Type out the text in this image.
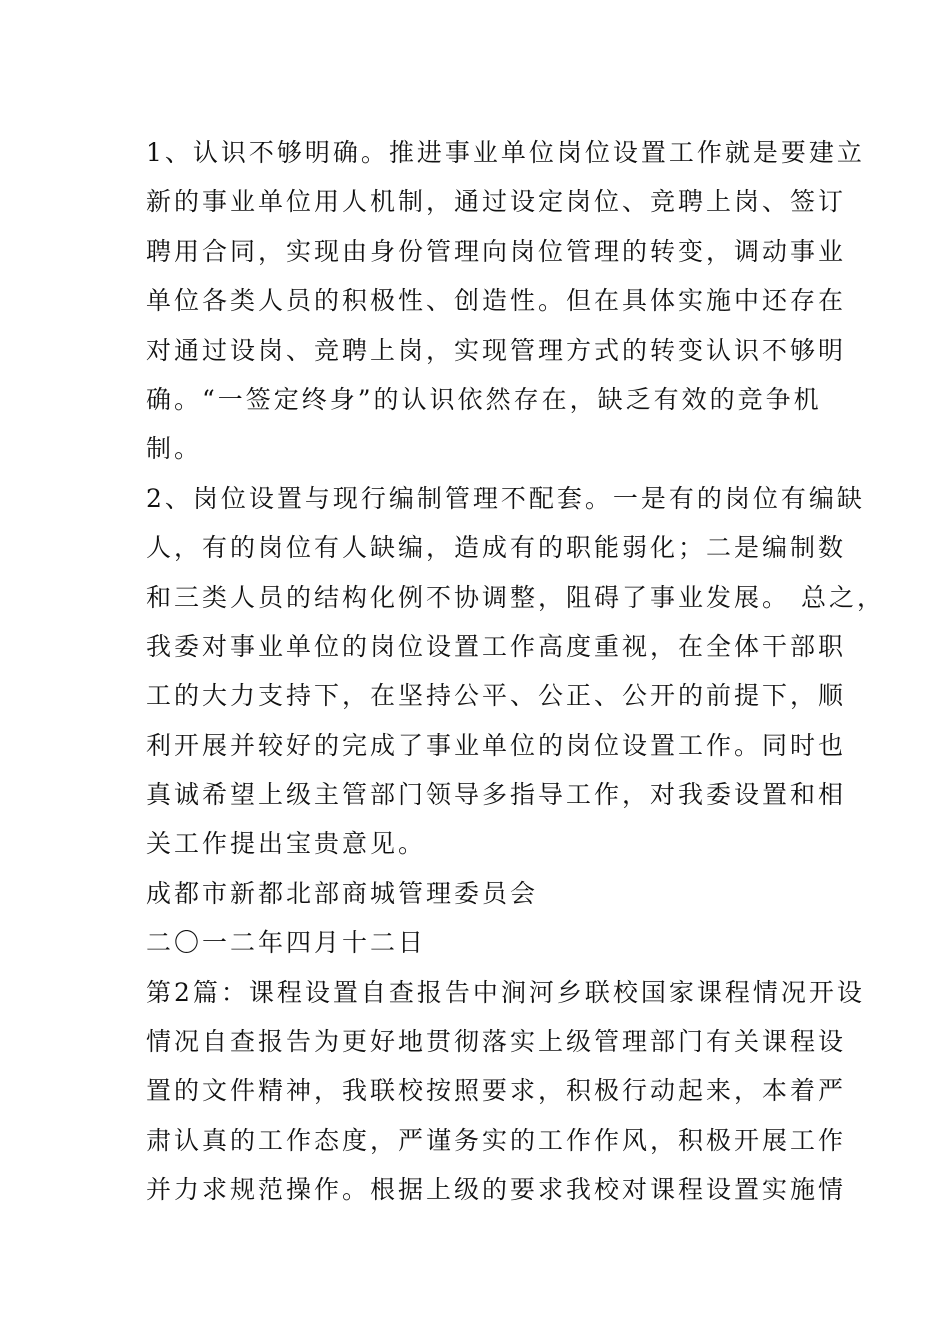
1、认识不够明确。推进事业单位岗位设置工作就是要建立
新的事业单位用人机制，通过设定岗位、竞聘上岗、签订
聘用合同，实现由身份管理向岗位管理的转变，调动事业
单位各类人员的积极性、创造性。但在具体实施中还存在
对通过设岗、竞聘上岗，实现管理方式的转变认识不够明
确。“一签定终身”的认识依然存在，缺乏有效的竞争机
制。
2、岗位设置与现行编制管理不配套。一是有的岗位有编缺
人，有的岗位有人缺编，造成有的职能弱化；二是编制数
和三类人员的结构化例不协调整，阻碍了事业发展。 总之，
我委对事业单位的岗位设置工作高度重视，在全体干部职
工的大力支持下，在坚持公平、公正、公开的前提下，顺
利开展并较好的完成了事业单位的岗位设置工作。同时也
真诚希望上级主管部门领导多指导工作，对我委设置和相
关工作提出宝贵意见。
成都市新都北部商城管理委员会
二〇一二年四月十二日
第2篇：课程设置自查报告中涧河乡联校国家课程情况开设
情况自查报告为更好地贯彻落实上级管理部门有关课程设
置的文件精神，我联校按照要求，积极行动起来，本着严
肃认真的工作态度，严谨务实的工作作风，积极开展工作
并力求规范操作。根据上级的要求我校对课程设置实施情
